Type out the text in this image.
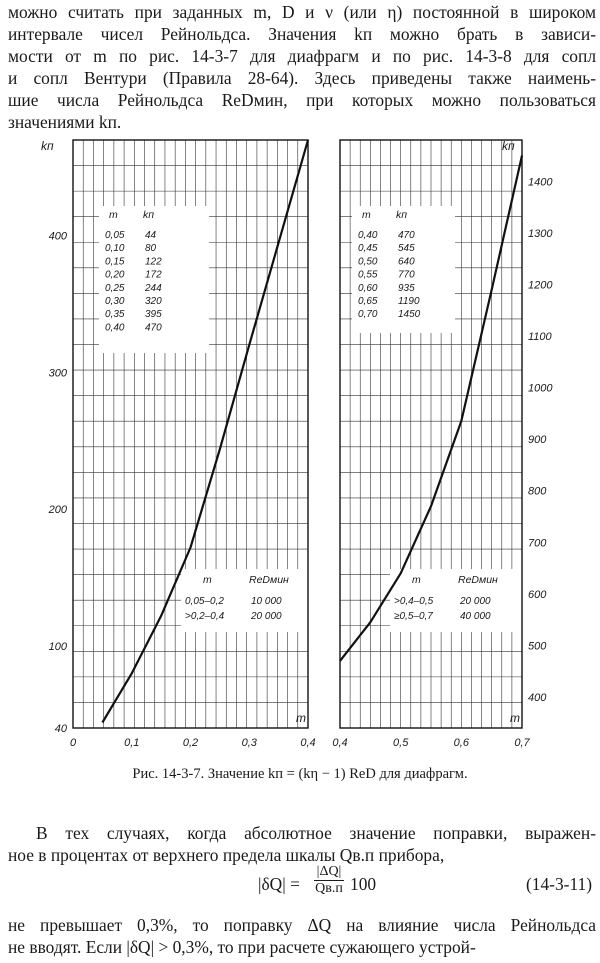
можно считать при заданных m, D и ν (или η) постоянной в широком
интервале чисел Рейнольдса. Значения kп можно брать в зависи-
мости от m по рис. 14-3-7 для диафрагм и по рис. 14-3-8 для сопл
и сопл Вентури (Правила 28-64). Здесь приведены также наимень-
шие числа Рейнольдса ReDмин, при которых можно пользоваться
значениями kп.
0	0,1	0,2	0,3	0,4
40
100
200
300
400
kп
m
m kп
0,05 44
0,10 80
0,15 122
0,20 172
0,25 244
0,30 320
0,35 395
0,40 470
m	ReDмин
0,05–0,2	10 000
>0,2–0,4	20 000
0,4	0,5	0,6	0,7
400
500
600
700
800
900
1000
1100
1200
1300
1400
kп
m
m kп
0,40 470
0,45 545
0,50 640
0,55 770
0,60 935
0,65 1190
0,70 1450
m	ReDмин
>0,4–0,5	20 000
≥0,5–0,7	40 000
Рис. 14-3-7. Значение kп = (kη − 1) ReD для диафрагм.
В тех случаях, когда абсолютное значение поправки, выражен-
ное в процентах от верхнего предела шкалы Qв.п прибора,
|δQ| =
|ΔQ|
Qв.п 100	(14-3-11)
не превышает 0,3%, то поправку ΔQ на влияние числа Рейнольдса
не вводят. Если |δQ| > 0,3%, то при расчете сужающего устрой-
